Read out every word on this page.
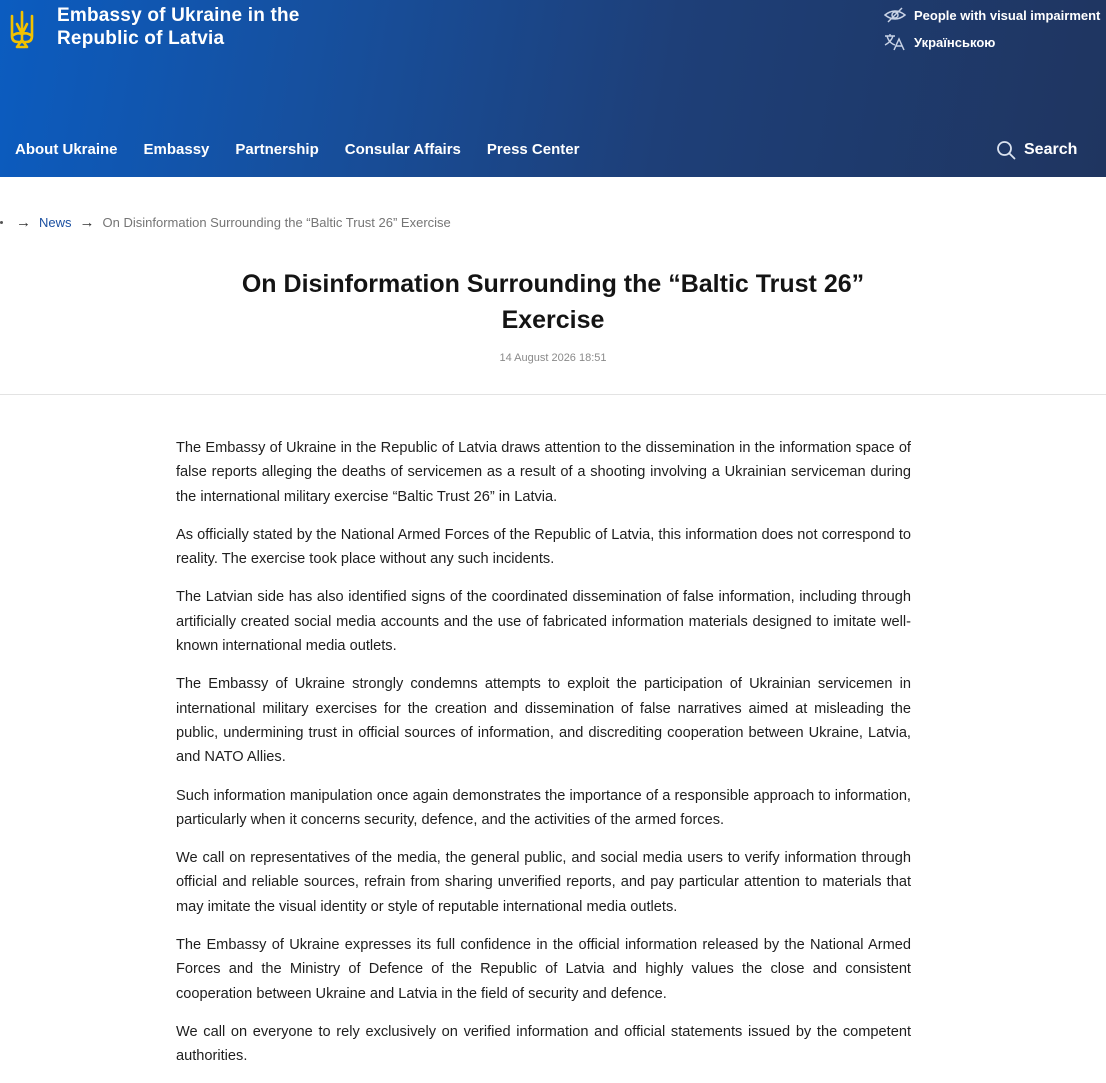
Embassy of Ukraine in the Republic of Latvia
People with visual impairment
Українською
About Ukraine Embassy Partnership Consular Affairs Press Center	Search
→ News → On Disinformation Surrounding the “Baltic Trust 26” Exercise
On Disinformation Surrounding the “Baltic Trust 26” Exercise
14 August 2026 18:51

The Embassy of Ukraine in the Republic of Latvia draws attention to the dissemination in the information space of false reports alleging the deaths of servicemen as a result of a shooting involving a Ukrainian serviceman during the international military exercise “Baltic Trust 26” in Latvia.

As officially stated by the National Armed Forces of the Republic of Latvia, this information does not correspond to reality. The exercise took place without any such incidents.

The Latvian side has also identified signs of the coordinated dissemination of false information, including through artificially created social media accounts and the use of fabricated information materials designed to imitate well-known international media outlets.

The Embassy of Ukraine strongly condemns attempts to exploit the participation of Ukrainian servicemen in international military exercises for the creation and dissemination of false narratives aimed at misleading the public, undermining trust in official sources of information, and discrediting cooperation between Ukraine, Latvia, and NATO Allies.

Such information manipulation once again demonstrates the importance of a responsible approach to information, particularly when it concerns security, defence, and the activities of the armed forces.

We call on representatives of the media, the general public, and social media users to verify information through official and reliable sources, refrain from sharing unverified reports, and pay particular attention to materials that may imitate the visual identity or style of reputable international media outlets.

The Embassy of Ukraine expresses its full confidence in the official information released by the National Armed Forces and the Ministry of Defence of the Republic of Latvia and highly values the close and consistent cooperation between Ukraine and Latvia in the field of security and defence.

We call on everyone to rely exclusively on verified information and official statements issued by the competent authorities.
